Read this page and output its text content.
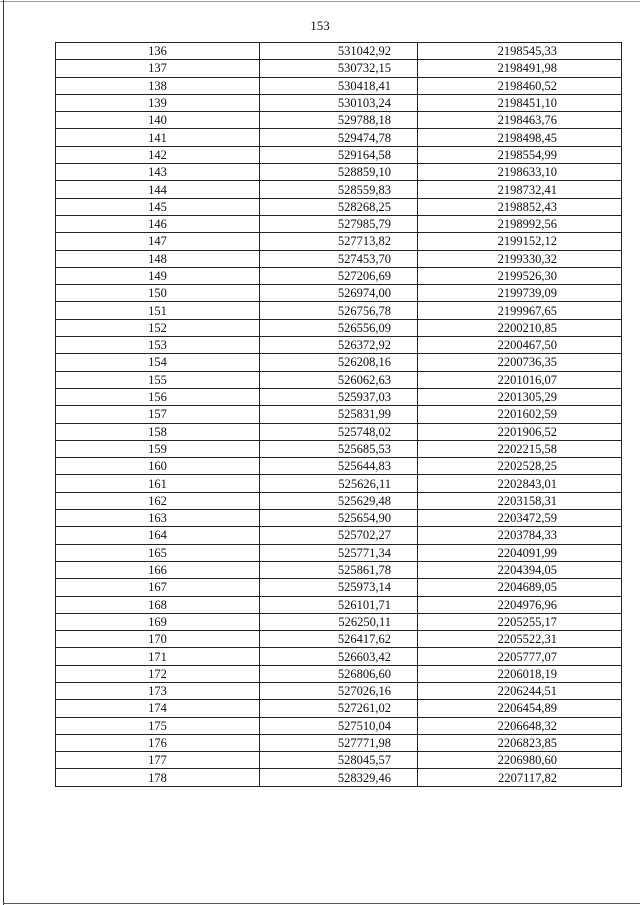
153
136	531042,92	2198545,33
137	530732,15	2198491,98
138	530418,41	2198460,52
139	530103,24	2198451,10
140	529788,18	2198463,76
141	529474,78	2198498,45
142	529164,58	2198554,99
143	528859,10	2198633,10
144	528559,83	2198732,41
145	528268,25	2198852,43
146	527985,79	2198992,56
147	527713,82	2199152,12
148	527453,70	2199330,32
149	527206,69	2199526,30
150	526974,00	2199739,09
151	526756,78	2199967,65
152	526556,09	2200210,85
153	526372,92	2200467,50
154	526208,16	2200736,35
155	526062,63	2201016,07
156	525937,03	2201305,29
157	525831,99	2201602,59
158	525748,02	2201906,52
159	525685,53	2202215,58
160	525644,83	2202528,25
161	525626,11	2202843,01
162	525629,48	2203158,31
163	525654,90	2203472,59
164	525702,27	2203784,33
165	525771,34	2204091,99
166	525861,78	2204394,05
167	525973,14	2204689,05
168	526101,71	2204976,96
169	526250,11	2205255,17
170	526417,62	2205522,31
171	526603,42	2205777,07
172	526806,60	2206018,19
173	527026,16	2206244,51
174	527261,02	2206454,89
175	527510,04	2206648,32
176	527771,98	2206823,85
177	528045,57	2206980,60
178	528329,46	2207117,82
